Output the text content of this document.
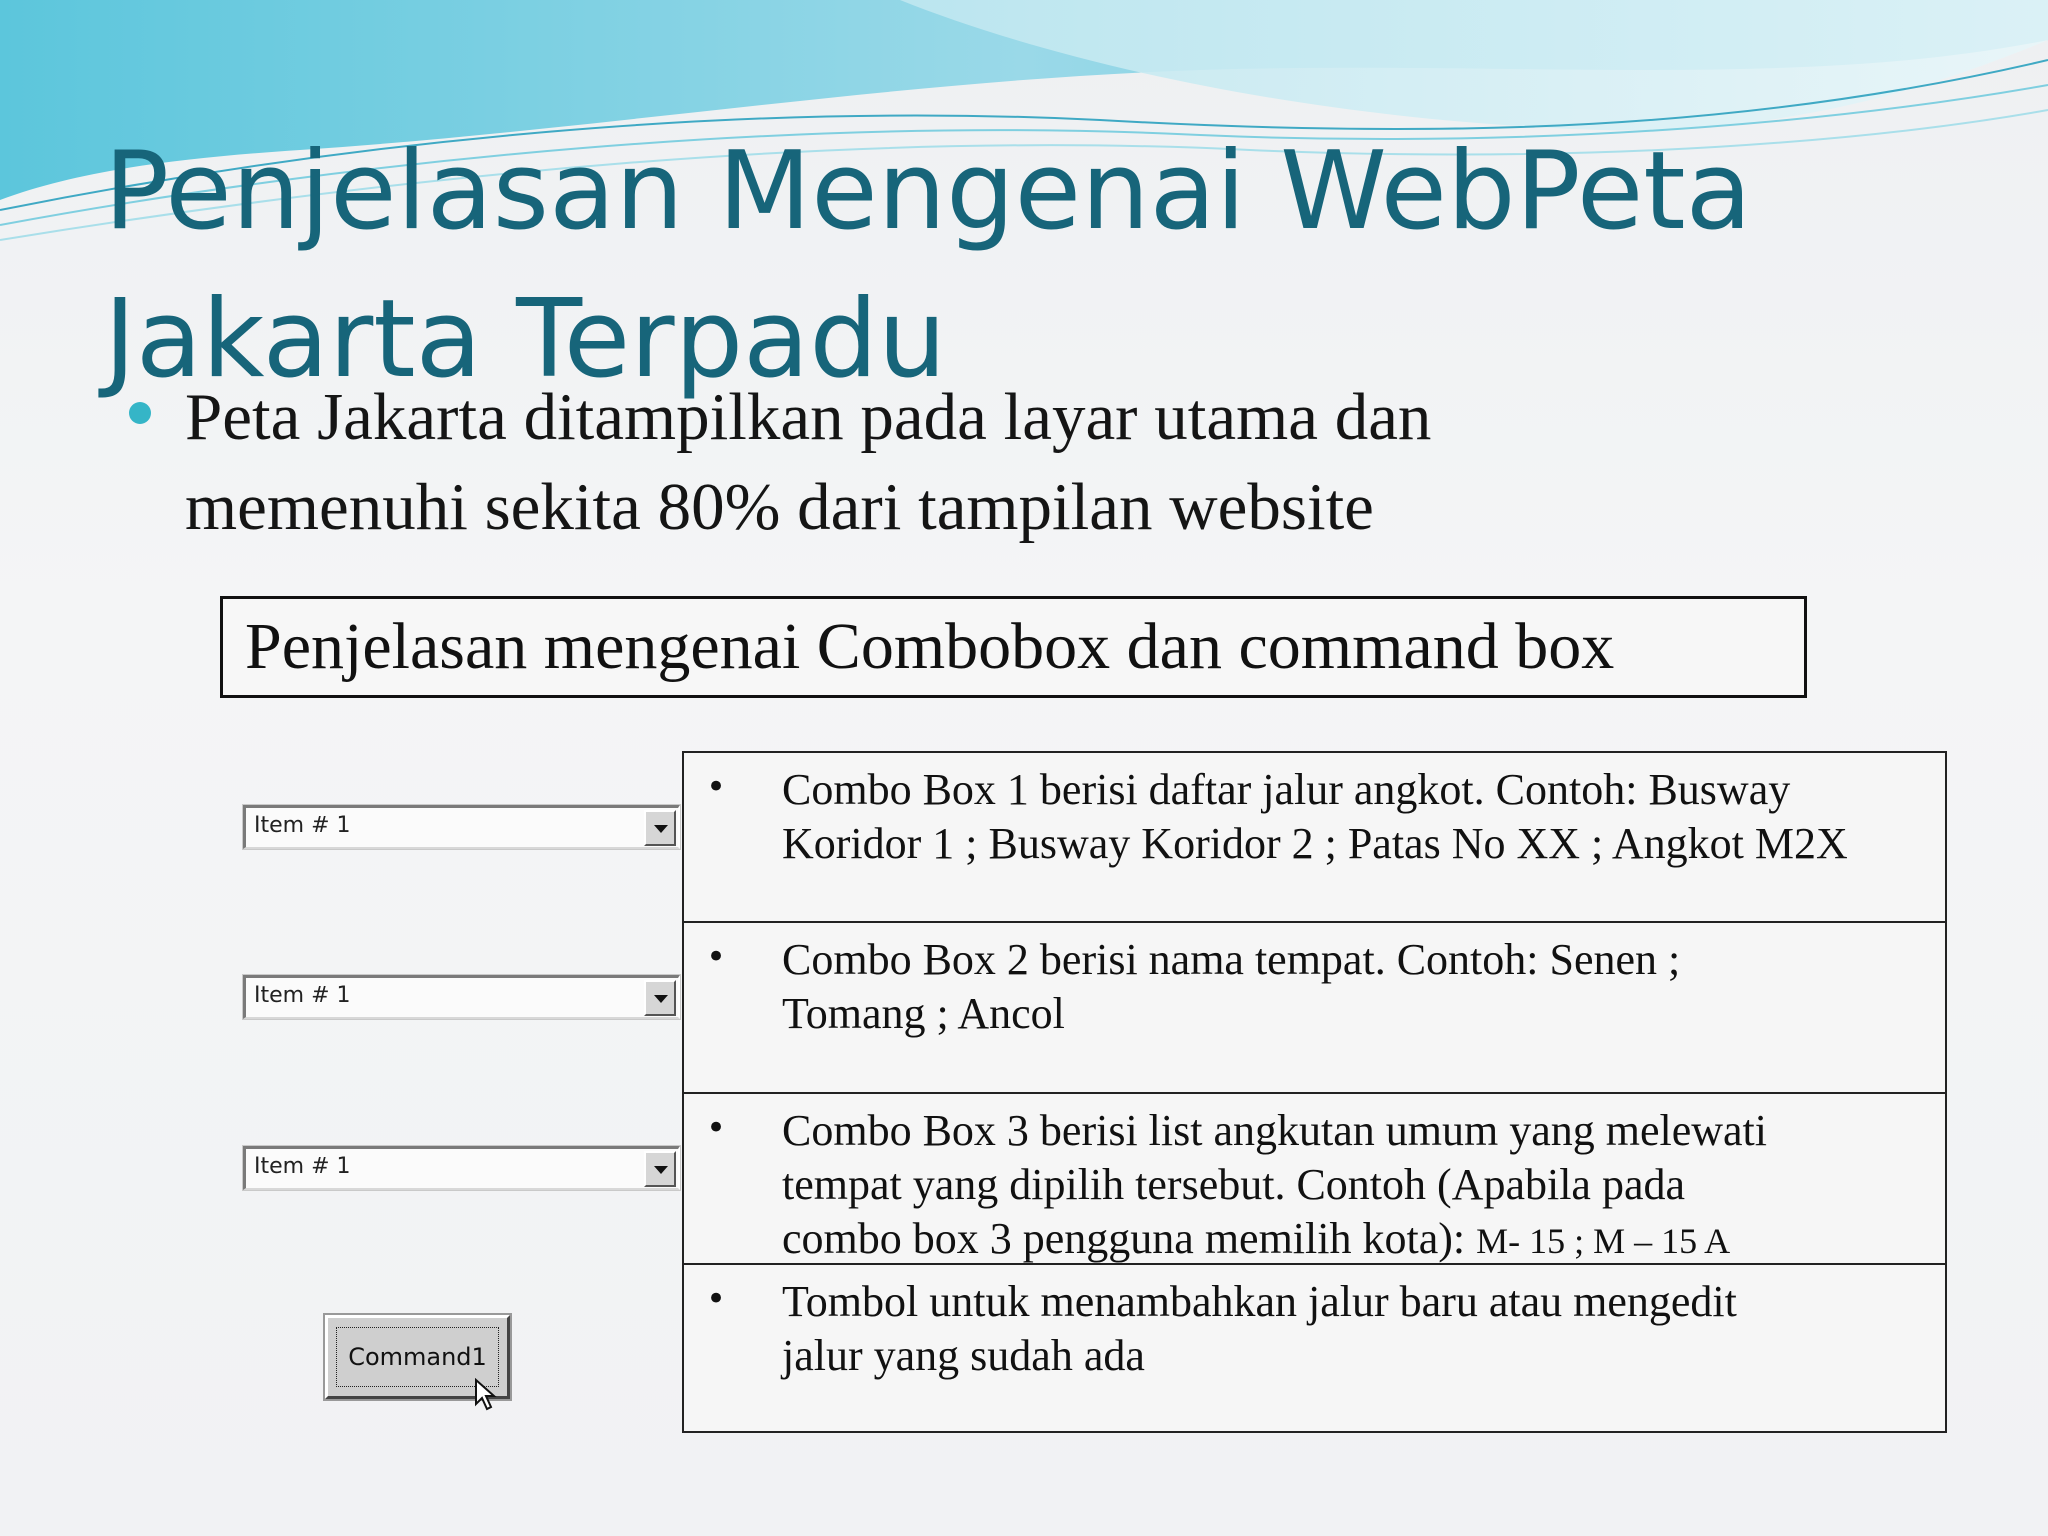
Penjelasan Mengenai WebPeta
Jakarta Terpadu
Peta Jakarta ditampilkan pada layar utama dan
memenuhi sekita 80% dari tampilan website
Penjelasan mengenai Combobox dan command box
Item # 1
Item # 1
Item # 1
Command1
• Combo Box 1 berisi daftar jalur angkot. Contoh: Busway
Koridor 1 ; Busway Koridor 2 ; Patas No XX ; Angkot M2X
• Combo Box 2 berisi nama tempat. Contoh: Senen ;
Tomang ; Ancol
• Combo Box 3 berisi list angkutan umum yang melewati
tempat yang dipilih tersebut. Contoh (Apabila pada
combo box 3 pengguna memilih kota): M- 15 ; M – 15 A
• Tombol untuk menambahkan jalur baru atau mengedit
jalur yang sudah ada
